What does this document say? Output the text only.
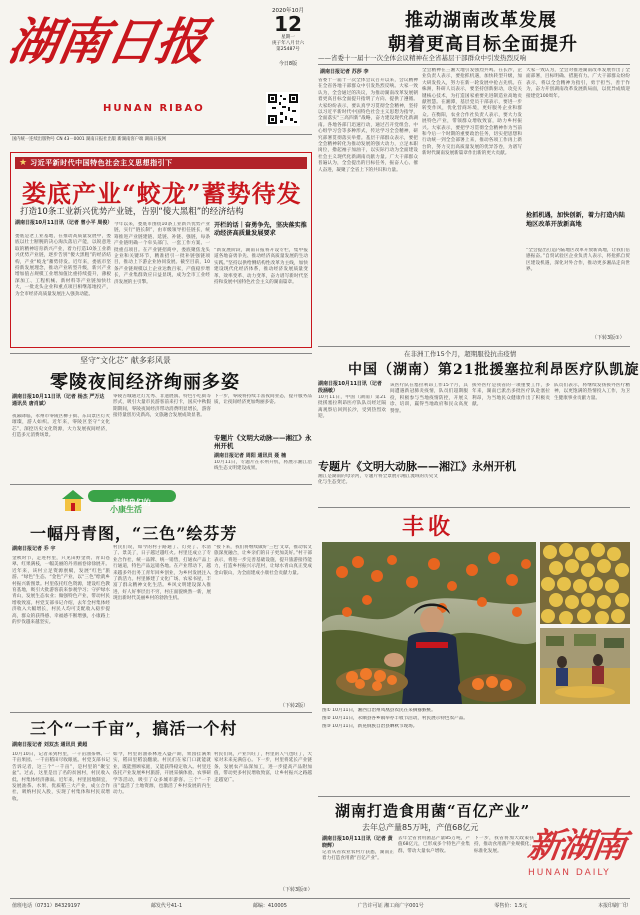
湖南日报
HUNAN RIBAO
2020年10月
12
星期一
庚子年八月廿六
第25487号
今日8版
国内统一连续出版物号 CN 43－0001 湖南日报社出版 新湖南客户端 湖南日报网
★ 习近平新时代中国特色社会主义思想指引下
娄底产业“蛟龙”蓄势待发
打造10条工业新兴优势产业链，告别“傻大黑粗”的经济结构
湖南日报10月11日讯（记者 曾小平 周俊）
娄底是老工业基地，在推动高质量发展中，娄底以壮士断腕的决心淘汰落后产能，以锐意进取的精神培育新兴产业，着力打造10条工业新兴优势产业链，逐步告别“傻大黑粗”的经济结构，产业“蛟龙”蓄势待发。近年来，娄底市坚持新发展理念，推动产业转型升级，新兴产业增加值占规模工业增加值比重持续提升，薄板深加工、工程机械、新材料等产业链加快壮大，一批龙头企业和重点项目相继落地投产，为全市经济高质量发展注入强劲动能。
今年以来，娄底市围绕10条工业新兴优势产业链，实行“链长制”，由市级领导担任链长，统筹推进产业链建链、延链、补链、强链，每条产业链明确一个牵头部门、一套工作方案、一批重点项目。在产业链招商中，娄底聚焦龙头企业和关键环节，精准招引一批补链强链项目，推动上下游企业协同发展。截至目前，10条产业链规模以上企业达数百家，产值稳步增长，产业集群效应日益显现，成为全市工业经济发展的主引擎。
开栏的话｜奋勇争先，坚决落实推动经济高质量发展要求
“新发展阶段，湖南日报将开设专栏，集中报道各地奋勇争先、推动经济高质量发展的生动实践。”坚持以供给侧结构性改革为主线，加快建设现代化经济体系，推动经济发展质量变革、效率变革、动力变革，奋力谱写新时代坚持和发展中国特色社会主义的湖南篇章。
推动湖南改革发展
朝着更高目标全面提升
——省委十一届十一次全体会议精神在全省基层干部群众中引发热烈反响
湖南日报记者 苏莎 李
省委十一届十一次全体会议召开以来，会议精神在全省各地干部群众中引发热烈反响。大家一致认为，全会通过的决议，为推动湖南改革发展朝着更高目标全面提升指明了方向、提供了遵循。大家纷纷表示，要认真学习贯彻全会精神，坚持以习近平新时代中国特色社会主义思想为指导，全面落实“三高四新”战略，奋力建设现代化新湖南。各地各部门迅速行动，通过召开党组会、中心组学习会等多种形式，传达学习全会精神，研究部署贯彻落实举措。基层干部群众表示，要把全会精神转化为推动发展的强大动力，立足本职岗位，撸起袖子加油干，以实际行动为全面建设社会主义现代化新湖南贡献力量。广大干部群众普遍认为，全会提出的目标任务，振奋人心、催人奋进，凝聚了全省上下的共识和力量。
全会精神在三湘大地引发强烈共鸣。在长沙，企业负责人表示，要抢抓机遇，加快转型升级，加大研发投入，努力在新一轮发展中抢占先机。在株洲，科研人员表示，要坚持创新驱动，攻克关键核心技术，为打造国家重要先进制造业高地贡献智慧。在湘潭，基层党员干部表示，要进一步转变作风，优化营商环境，更好服务企业和群众。在衡阳，农业合作社负责人表示，要大力发展特色产业，带领群众增收致富，助力乡村振兴。大家表示，要把学习贯彻全会精神作为当前和今后一个时期的重要政治任务，切实把思想和行动统一到全会部署上来，推动各项工作再上新台阶，努力交出高质量发展的优异答卷，为谱写新时代湖南发展新篇章作出新的更大贡献。
大家一致认为，全会对推进湖南改革发展作出了全面部署，目标明确、措施有力。广大干部群众纷纷表示，将以全会精神为指引，勇于担当、善于作为，奋力开创湖南改革发展新局面，以优异成绩迎接建党100周年。
抢抓机遇，加快创新，着力打造内陆地区改革开放新高地
“全会提出打造内陆地区改革开放新高地，让我们倍感振奋。”自贸试验区企业负责人表示，将抢抓自贸区建设机遇，深化对外合作，推动更多湘品走向世界。
（下转3版①）
在非洲工作15个月，超期服役抗击疫情
中国（湖南）第21批援塞拉利昂医疗队凯旋
湖南日报10月11日讯（记者 段涵敏）
10月11日，中国（湖南）第21批援塞拉利昂医疗队队员经过隔离观察后回到长沙，受到热烈欢迎。
该医疗队在塞拉利昂工作15个月，其间遭遇新冠肺炎疫情，队员们超期服役，积极参与当地疫情防控，开展义诊、培训，赢得当地政府和民众高度赞誉。
援外医疗是我省的一项重要工作，多年来，湖南已派出多批医疗队赴塞拉利昂，为当地民众健康作出了积极贡献。
队员们表示，将继续发扬援外医疗精神，以更饱满的热情投入工作，为卫生健康事业贡献力量。
坚守“文化芯” 献多彩风景
零陵夜间经济绚丽多姿
湖南日报10月11日讯（记者 杨杰 严万达 通讯员 唐肖斌）
夜幕降临，永州市零陵区柳子街、东山景区灯火璀璨，游人如织。近年来，零陵区坚守“文化芯”，深挖历史文化资源，大力发展夜间经济，打造多元消费场景。
零陵古城通过灯光秀、非遗展演、特色小吃街等形式，吸引大量市民游客前来打卡，国庆中秋假期期间，零陵夜间经济带动消费明显增长，游客接待量创历史新高，文旅融合发展成效显著。
下一步，零陵将持续丰富夜间业态，提升服务品质，让夜间经济更加绚丽多姿。
专题片《文明大动脉——湘江》永州开机
湖南日报记者 周阳 通讯员 聂 楠
10月11日，专题片在永州开机，将展示湘江沿线生态文明建设成果。	专题片《文明大动脉——湘江》永州开机
湘江是湖南的母亲河，专题片将全景展示湘江流域的历史文化与生态变迁。
走街我们的
小康生活
一幅丹青图，“三色”绘芬芳
湖南日报记者 乔 宇
金秋时节，走进村里，只见田野金黄、青山苍翠、红果满枝，一幅美丽的丹青画卷徐徐展开。近年来，该村立足资源禀赋，发展“红色”旅游、“绿色”生态、“金色”产业，以“三色”绘就乡村振兴新图景。村里依托红色资源，建设红色教育基地，吸引大批游客前来参观学习；守护绿水青山，发展生态农业；做强特色产业，带动村民增收致富。村党支部书记介绍，去年全村集体经济收入大幅增长，村民人均可支配收入稳步提高，群众的获得感、幸福感不断增强，小康路上的步伐越来越坚实。
村民们说，如今的村子路通了、灯亮了、水清了、景美了，日子越过越红火。村里还成立了专业合作社，统一品牌、统一销售，打通农产品上行通道，特色产品远销各地。在产业带动下，越来越多外出务工青年回乡创业，为乡村发展注入了新活力。村里修建了文化广场、农家书屋，丰富了群众精神文化生活。乡风文明建设深入推进，好人好事层出不穷，村庄面貌焕然一新，展现出新时代美丽乡村的勃勃生机。
“接下来，我们将继续做好‘三色’文章，推动农文旅深度融合，让乡亲们的日子更加美好。”村干部表示，将进一步完善基础设施，提升旅游接待能力，打造乡村振兴示范村，让绿水青山真正变成金山银山，为全面建成小康社会贡献力量。
（下转2版）
三个“一千亩”，搞活一个村
湖南日报记者 刘双杰 通讯员 黄超
10月10日，记者来到村里，一千亩油茶林、一千亩果园、一千亩稻田尽收眼底。村党支部书记告诉记者，这三个“一千亩”，是村里的“聚宝盆”。过去，这里是出了名的贫困村，村民收入低、村集体经济薄弱。近年来，村里因地制宜，发展油茶、水果、优质稻三大产业，成立合作社，吸纳村民入股，实现了村集体和村民双增收。
如今，村里的油茶林进入盛产期，果园挂满果实，稻田里稻浪翻滚。村民们在家门口就能就业，既能照顾家庭，又能获得稳定收入。村里还依托产业发展乡村旅游，开展采摘体验、农事研学等活动，吸引了众多城市游客。三个“一千亩”盘活了土地资源，也激活了乡村发展的内生动力。
村民们说，产业兴旺了，村里的人气也旺了，大家对未来充满信心。下一步，村里将延长产业链条，发展农产品深加工，进一步提高产品附加值，带动更多村民增收致富，让乡村振兴之路越走越宽广。
（下转3版②）
丰收
图① 10月11日，湘西自治州凤凰县农民在采摘猕猴桃。
图② 10月11日，永顺县各乡镇举办丰收节活动，村民展示特色农产品。
图③ 10月11日，新晃侗族自治县晒秋节现场。
湖南打造食用菌“百亿产业”
去年总产量85万吨，产值68亿元
湖南日报10月11日讯（记者 黄晓辉）
记者从省农业农村厅获悉，湖南正着力打造食用菌“百亿产业”。
去年全省食用菌总产量85万吨，产值68亿元，已形成多个特色产业集群，带动大量农户增收。
下一步，我省将加大政策扶持，推动食用菌产业规模化、标准化发展。 新湖南
HUNAN DAILY
值班电话（0731）84329197	邮发代号41-1	邮编：410005	广告许可证 湘工商广字001号	零售价：1.5元	本报印刷厂印
